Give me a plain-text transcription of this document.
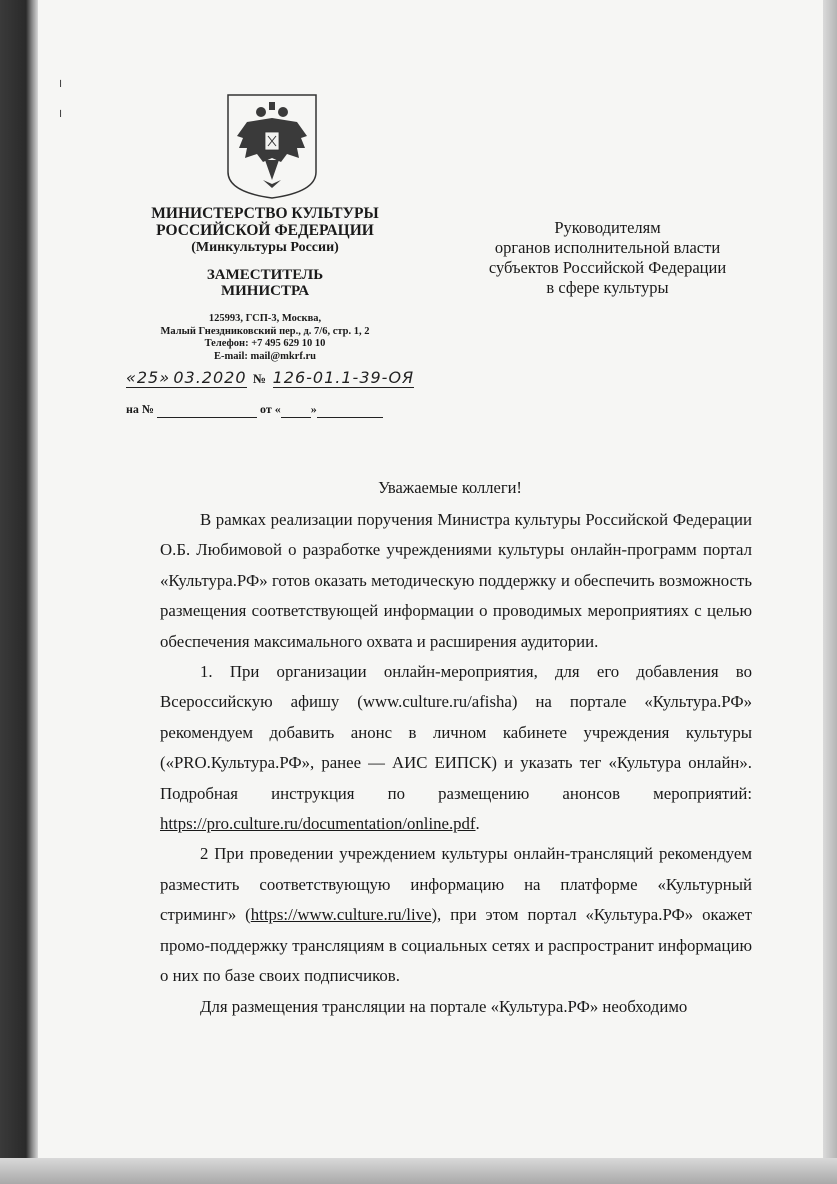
╷
╷
МИНИСТЕРСТВО КУЛЬТУРЫ
РОССИЙСКОЙ ФЕДЕРАЦИИ
(Минкультуры России)
ЗАМЕСТИТЕЛЬ
МИНИСТРА
125993, ГСП-3, Москва,
Малый Гнездниковский пер., д. 7/6, стр. 1, 2
Телефон: +7 495 629 10 10
E-mail: mail@mkrf.ru
«25» 03.2020 № 126-01.1-39-ОЯ
на №	от «	»
Руководителям
органов исполнительной власти
субъектов Российской Федерации
в сфере культуры
Уважаемые коллеги!

В рамках реализации поручения Министра культуры Российской Федерации О.Б. Любимовой о разработке учреждениями культуры онлайн-программ портал «Культура.РФ» готов оказать методическую поддержку и обеспечить возможность размещения соответствующей информации о проводимых мероприятиях с целью обеспечения максимального охвата и расширения аудитории.

1. При организации онлайн-мероприятия, для его добавления во Всероссийскую афишу (www.culture.ru/afisha) на портале «Культура.РФ» рекомендуем добавить анонс в личном кабинете учреждения культуры («PRO.Культура.РФ», ранее — АИС ЕИПСК) и указать тег «Культура онлайн». Подробная инструкция по размещению анонсов мероприятий: https://pro.culture.ru/documentation/online.pdf.

2 При проведении учреждением культуры онлайн-трансляций рекомендуем разместить соответствующую информацию на платформе «Культурный стриминг» (https://www.culture.ru/live), при этом портал «Культура.РФ» окажет промо-поддержку трансляциям в социальных сетях и распространит информацию о них по базе своих подписчиков.

Для размещения трансляции на портале «Культура.РФ» необходимо
